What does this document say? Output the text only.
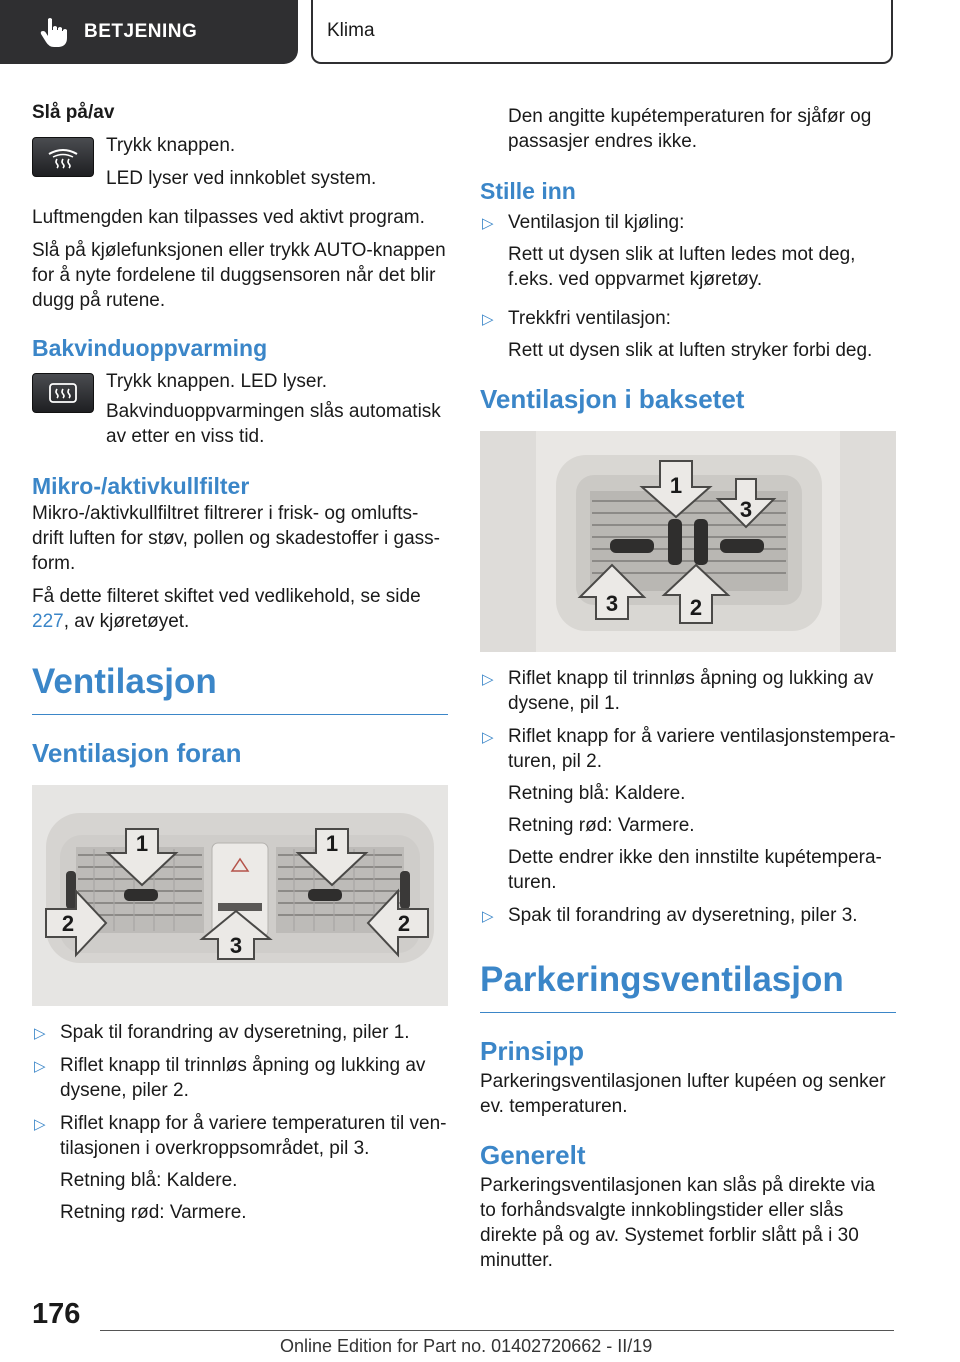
BETJENING	Klima

Slå på/av

Trykk knappen.

LED lyser ved innkoblet system.

Luftmengden kan tilpasses ved aktivt program.

Slå på kjølefunksjonen eller trykk AUTO-knappen for å nyte fordelene til duggsensoren når det blir dugg på rutene.

Bakvinduoppvarming

Trykk knappen. LED lyser.

Bakvinduoppvarmingen slås automatisk av etter en viss tid.

Mikro-/aktivkullfilter

Mikro-/aktivkullfiltret filtrerer i frisk- og omlufts-drift luften for støv, pollen og skadestoffer i gass-form.

Få dette filteret skiftet ved vedlikehold, se side 227, av kjøretøyet.

Ventilasjon
Ventilasjon foran
1	1
2	2
3
▷ Spak til forandring av dyseretning, piler 1.
▷ Riflet knapp til trinnløs åpning og lukking av dysene, piler 2.
▷ Riflet knapp for å variere temperaturen til ven-tilasjonen i overkroppsområdet, pil 3.
Retning blå: Kaldere.
Retning rød: Varmere.

Den angitte kupétemperaturen for sjåfør og passasjer endres ikke.

Stille inn
▷ Ventilasjon til kjøling:
Rett ut dysen slik at luften ledes mot deg, f.eks. ved oppvarmet kjøretøy.
▷ Trekkfri ventilasjon:
Rett ut dysen slik at luften stryker forbi deg.
Ventilasjon i baksetet
1
3
3	2
▷ Riflet knapp til trinnløs åpning og lukking av dysene, pil 1.
▷ Riflet knapp for å variere ventilasjonstempera-turen, pil 2.
Retning blå: Kaldere.
Retning rød: Varmere.
Dette endrer ikke den innstilte kupétempera-turen.
▷ Spak til forandring av dyseretning, piler 3.
Parkeringsventilasjon
Prinsipp

Parkeringsventilasjonen lufter kupéen og senker ev. temperaturen.

Generelt

Parkeringsventilasjonen kan slås på direkte via to forhåndsvalgte innkoblingstider eller slås direkte på og av. Systemet forblir slått på i 30 minutter.

176
Online Edition for Part no. 01402720662 - II/19
